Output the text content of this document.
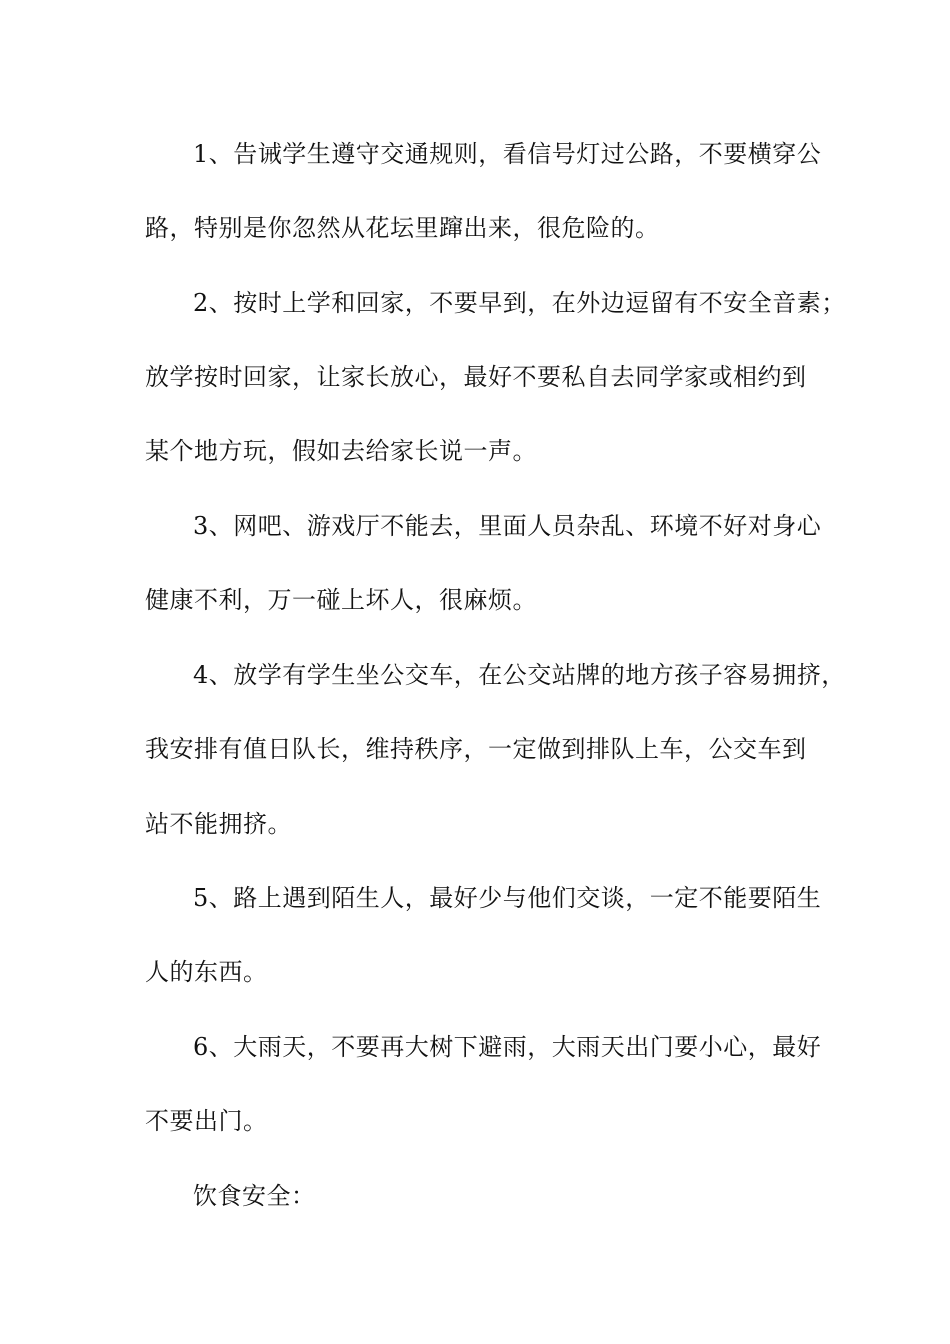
1、告诫学生遵守交通规则，看信号灯过公路，不要横穿公
路，特别是你忽然从花坛里蹿出来，很危险的。
2、按时上学和回家，不要早到，在外边逗留有不安全音素；
放学按时回家，让家长放心，最好不要私自去同学家或相约到
某个地方玩，假如去给家长说一声。
3、网吧、游戏厅不能去，里面人员杂乱、环境不好对身心
健康不利，万一碰上坏人，很麻烦。
4、放学有学生坐公交车，在公交站牌的地方孩子容易拥挤，
我安排有值日队长，维持秩序，一定做到排队上车，公交车到
站不能拥挤。
5、路上遇到陌生人，最好少与他们交谈，一定不能要陌生
人的东西。
6、大雨天，不要再大树下避雨，大雨天出门要小心，最好
不要出门。
饮食安全：
